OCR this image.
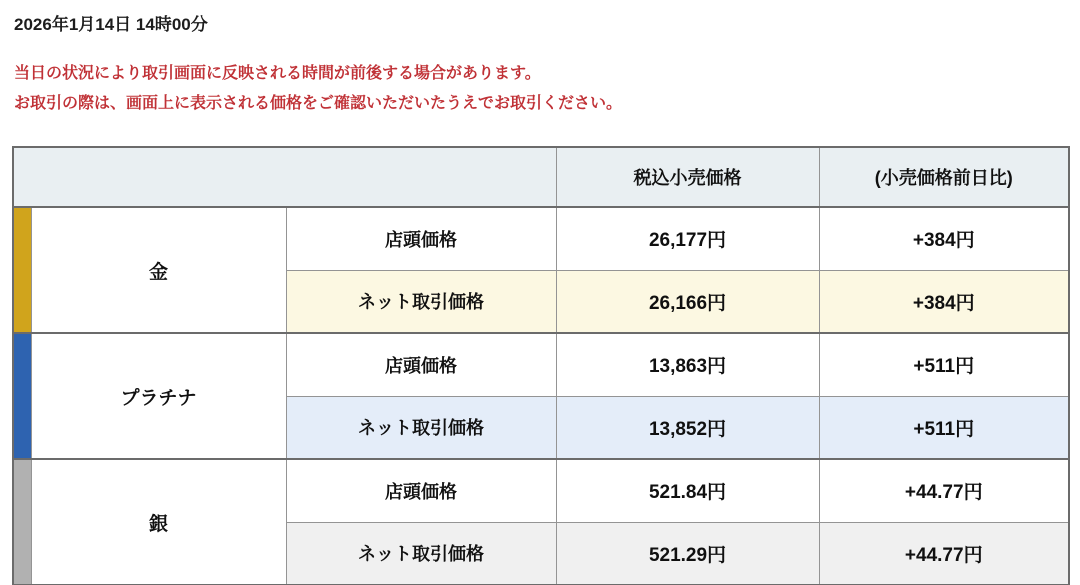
2026年1月14日 14時00分
当日の状況により取引画面に反映される時間が前後する場合があります。
お取引の際は、画面上に表示される価格をご確認いただいたうえでお取引ください。
			税込小売価格	(小売価格前日比)
	金	店頭価格	26,177円	+384円
		ネット取引価格	26,166円	+384円
	プラチナ	店頭価格	13,863円	+511円
		ネット取引価格	13,852円	+511円
	銀	店頭価格	521.84円	+44.77円
		ネット取引価格	521.29円	+44.77円
